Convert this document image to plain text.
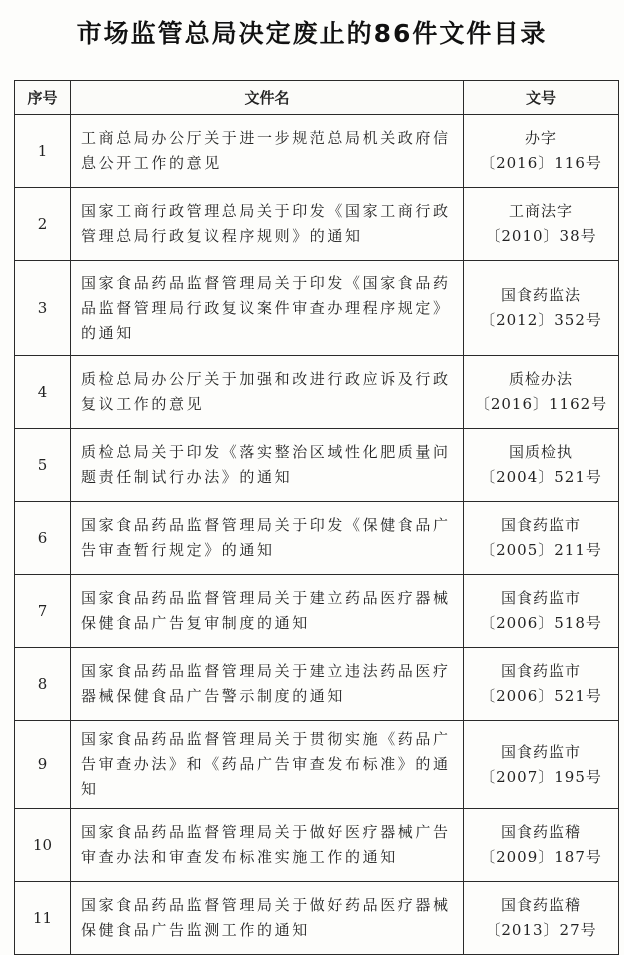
市场监管总局决定废止的86件文件目录
序号	文件名	文号
1	工商总局办公厅关于进一步规范总局机关政府信息公开工作的意见	办字
〔2016〕116号

2	国家工商行政管理总局关于印发《国家工商行政管理总局行政复议程序规则》的通知	工商法字
〔2010〕38号

3	国家食品药品监督管理局关于印发《国家食品药品监督管理局行政复议案件审查办理程序规定》的通知	国食药监法
〔2012〕352号

4	质检总局办公厅关于加强和改进行政应诉及行政复议工作的意见	质检办法
〔2016〕1162号

5	质检总局关于印发《落实整治区域性化肥质量问题责任制试行办法》的通知	国质检执
〔2004〕521号

6	国家食品药品监督管理局关于印发《保健食品广告审查暂行规定》的通知	国食药监市
〔2005〕211号

7	国家食品药品监督管理局关于建立药品医疗器械保健食品广告复审制度的通知	国食药监市
〔2006〕518号

8	国家食品药品监督管理局关于建立违法药品医疗器械保健食品广告警示制度的通知	国食药监市
〔2006〕521号

9	国家食品药品监督管理局关于贯彻实施《药品广告审查办法》和《药品广告审查发布标准》的通知	国食药监市
〔2007〕195号

10	国家食品药品监督管理局关于做好医疗器械广告审查办法和审查发布标准实施工作的通知	国食药监稽
〔2009〕187号

11	国家食品药品监督管理局关于做好药品医疗器械保健食品广告监测工作的通知	国食药监稽
〔2013〕27号
